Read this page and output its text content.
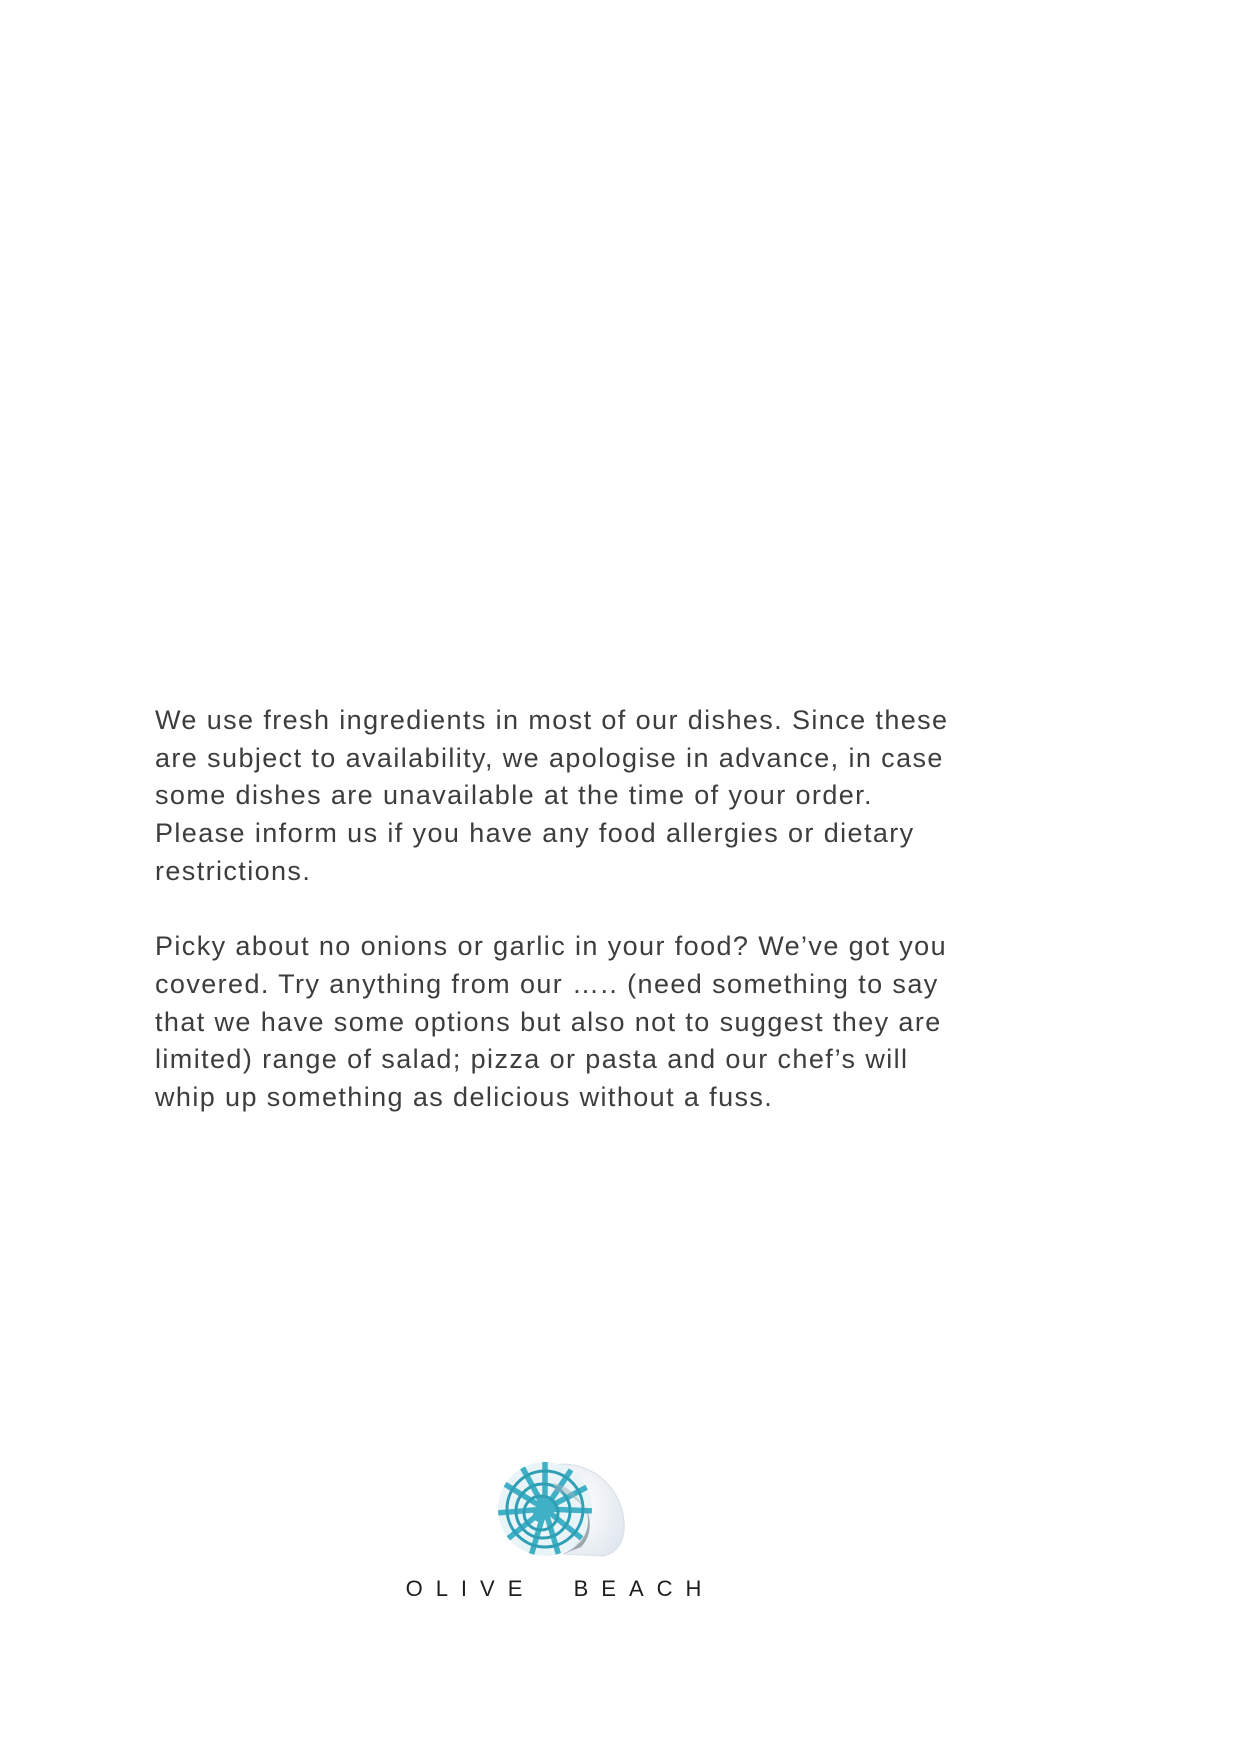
We use fresh ingredients in most of our dishes. Since these
are subject to availability, we apologise in advance, in case
some dishes are unavailable at the time of your order.
Please inform us if you have any food allergies or dietary
restrictions.

Picky about no onions or garlic in your food? We’ve got you
covered. Try anything from our ….. (need something to say
that we have some options but also not to suggest they are
limited) range of salad; pizza or pasta and our chef’s will
whip up something as delicious without a fuss.

OLIVE  BEACH
